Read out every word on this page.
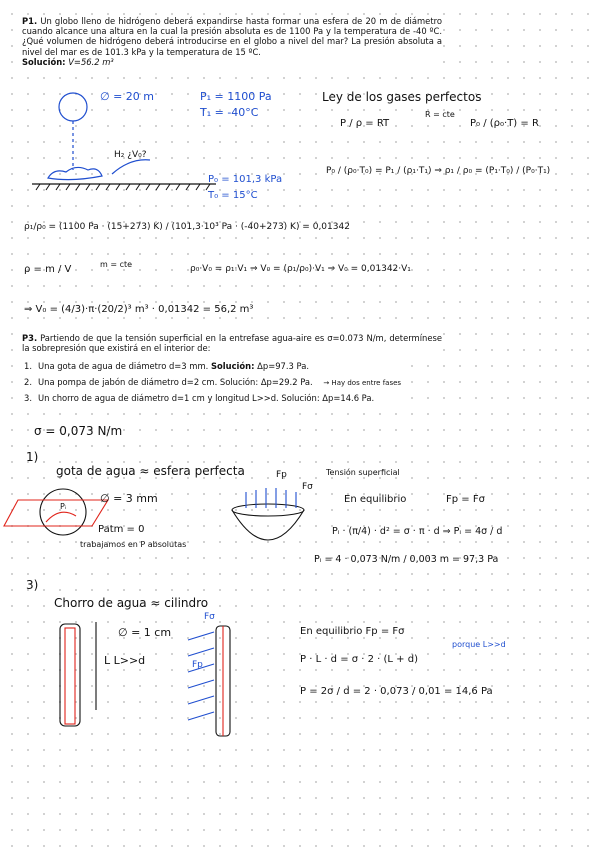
P1. Un globo lleno de hidrógeno deberá expandirse hasta formar una esfera de 20 m de diámetro cuando alcance una altura en la cual la presión absoluta es de 1100 Pa y la temperatura de -40 ºC. ¿Qué volumen de hidrógeno deberá introducirse en el globo a nivel del mar? La presión absoluta a nivel del mar es de 101.3 kPa y la temperatura de 15 ºC.
Solución: V=56.2 m³
∅ = 20 m	P₁ = 1100 Pa
T₁ = -40°C
H₂ ¿V₀?
P₀ = 101,3 kPa
T₀ = 15°C
Ley de los gases perfectos
P / ρ = RT
R = cte
P₀ / (ρ₀·T) = R
P₀ / (ρ₀·T₀) = P₁ / (ρ₁·T₁) ⇒ ρ₁ / ρ₀ = (P₁·T₀) / (P₀·T₁)
ρ₁/ρ₀ = (1100 Pa · (15+273) K) / (101,3·10³ Pa · (-40+273) K) = 0,01342
ρ = m / V	m = cte	ρ₀·V₀ = ρ₁·V₁ ⇒ V₀ = (ρ₁/ρ₀)·V₁ ⇒ V₀ = 0,01342·V₁
⇒ V₀ = (4/3)·π·(20/2)³ m³ · 0,01342 = 56,2 m³
P3. Partiendo de que la tensión superficial en la entrefase agua-aire es σ=0.073 N/m, determínese la sobrepresión que existirá en el interior de:
1. Una gota de agua de diámetro d=3 mm. Solución: Δp=97.3 Pa.
2. Una pompa de jabón de diámetro d=2 cm. Solución: Δp=29.2 Pa. → Hay dos entre fases
3. Un chorro de agua de diámetro d=1 cm y longitud L>>d. Solución: Δp=14.6 Pa.
σ = 0,073 N/m
1)
gota de agua ≈ esfera perfecta
Pᵢ
∅ = 3 mm
Patm = 0
trabajamos en P absolutas
Fp
Fσ
Tensión superficial
En equilibrio	Fp = Fσ
Pᵢ · (π/4) · d² = σ · π · d ⇒ Pᵢ = 4σ / d
Pᵢ = 4 · 0,073 N/m / 0,003 m = 97,3 Pa
3)
Chorro de agua ≈ cilindro
∅ = 1 cm
L L>>d
Fσ
Fp
En equilibrio Fp = Fσ
P · L · d = σ · 2 · (L + d)
porque L>>d
P = 2σ / d = 2 · 0,073 / 0,01 = 14,6 Pa
